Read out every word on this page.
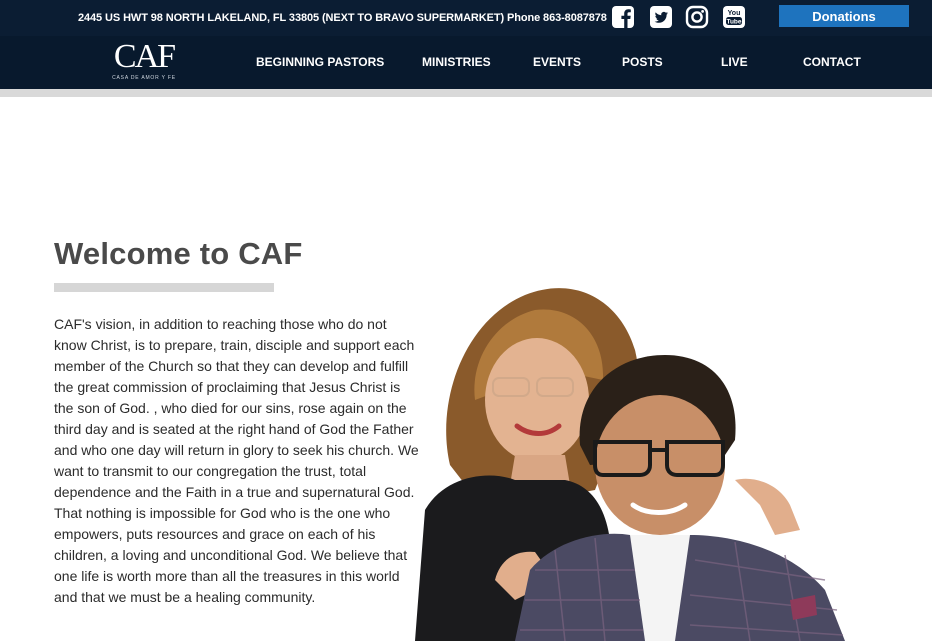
2445 US HWT 98 NORTH LAKELAND, FL 33805 (NEXT TO BRAVO SUPERMARKET) Phone 863-8087878	You
Tube	Donations
CAF
CASA DE AMOR Y FE
BEGINNING PASTORS	MINISTRIES	EVENTS	POSTS	LIVE	CONTACT
Welcome to CAF

CAF's vision, in addition to reaching those who do not know Christ, is to prepare, train, disciple and support each member of the Church so that they can develop and fulfill the great commission of proclaiming that Jesus Christ is the son of God. , who died for our sins, rose again on the third day and is seated at the right hand of God the Father and who one day will return in glory to seek his church. We want to transmit to our congregation the trust, total dependence and the Faith in a true and supernatural God. That nothing is impossible for God who is the one who empowers, puts resources and grace on each of his children, a loving and unconditional God. We believe that one life is worth more than all the treasures in this world and that we must be a healing community.
